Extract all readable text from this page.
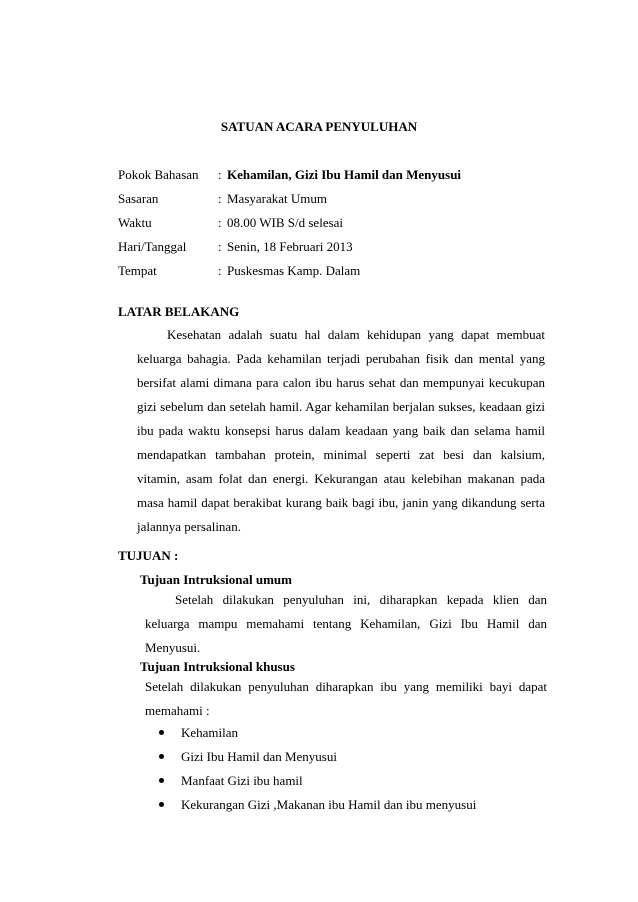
SATUAN ACARA PENYULUHAN
Pokok Bahasan : Kehamilan, Gizi Ibu Hamil dan Menyusui
Sasaran	: Masyarakat Umum
Waktu	: 08.00 WIB S/d selesai
Hari/Tanggal : Senin, 18 Februari 2013
Tempat	: Puskesmas Kamp. Dalam
LATAR BELAKANG

Kesehatan adalah suatu hal dalam kehidupan yang dapat membuat keluarga bahagia. Pada kehamilan terjadi perubahan fisik dan mental yang bersifat alami dimana para calon ibu harus sehat dan mempunyai kecukupan gizi sebelum dan setelah hamil. Agar kehamilan berjalan sukses, keadaan gizi ibu pada waktu konsepsi harus dalam keadaan yang baik dan selama hamil mendapatkan tambahan protein, minimal seperti zat besi dan kalsium, vitamin, asam folat dan energi. Kekurangan atau kelebihan makanan pada masa hamil dapat berakibat kurang baik bagi ibu, janin yang dikandung serta jalannya persalinan.

TUJUAN :
Tujuan Intruksional umum

Setelah dilakukan penyuluhan ini, diharapkan kepada klien dan keluarga mampu memahami tentang Kehamilan, Gizi Ibu Hamil dan Menyusui.

Tujuan Intruksional khusus

Setelah dilakukan penyuluhan diharapkan ibu yang memiliki bayi dapat memahami :

Kehamilan
Gizi Ibu Hamil dan Menyusui
Manfaat Gizi ibu hamil
Kekurangan Gizi ,Makanan ibu Hamil dan ibu menyusui
